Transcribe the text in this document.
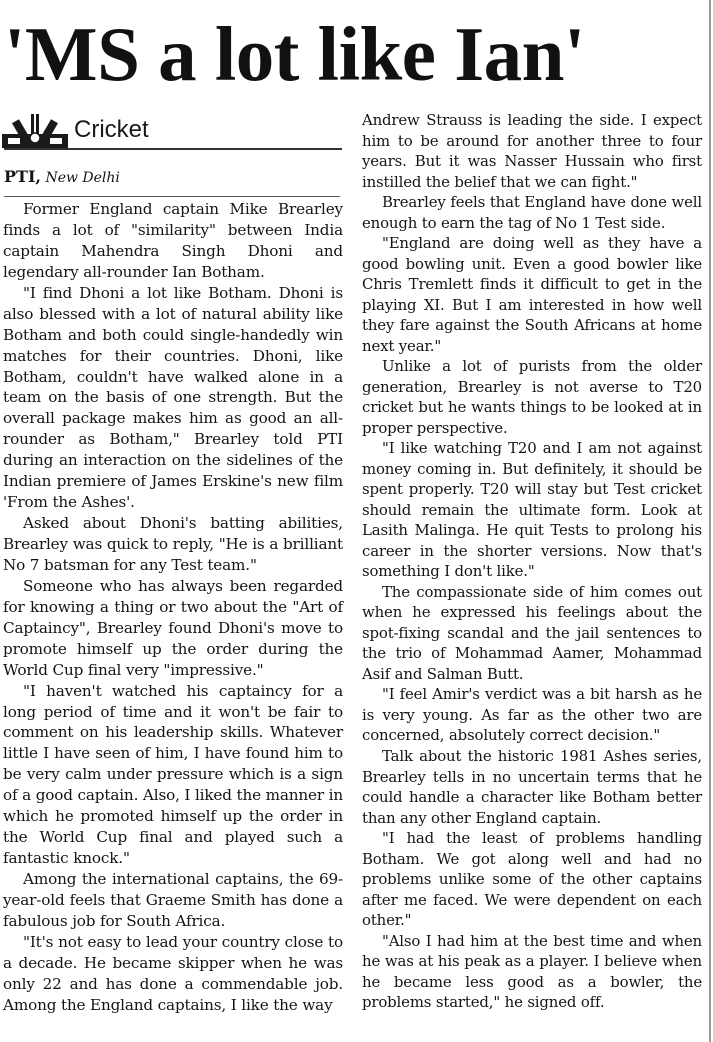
'MS a lot like Ian'
Cricket
PTI, New Delhi

Former England captain Mike Brearley finds a lot of "similarity" between India captain Mahendra Singh Dhoni and legendary all-rounder Ian Botham.

"I find Dhoni a lot like Botham. Dhoni is also blessed with a lot of natural ability like Botham and both could single-handedly win matches for their countries. Dhoni, like Botham, couldn't have walked alone in a team on the basis of one strength. But the overall package makes him as good an all-rounder as Botham," Brearley told PTI during an interaction on the sidelines of the Indian premiere of James Erskine's new film 'From the Ashes'.

Asked about Dhoni's batting abilities, Brearley was quick to reply, "He is a brilliant No 7 batsman for any Test team."

Someone who has always been regarded for knowing a thing or two about the "Art of Captaincy", Brearley found Dhoni's move to promote himself up the order during the World Cup final very "impressive."

"I haven't watched his captaincy for a long period of time and it won't be fair to comment on his leadership skills. Whatever little I have seen of him, I have found him to be very calm under pressure which is a sign of a good captain. Also, I liked the manner in which he promoted himself up the order in the World Cup final and played such a fantastic knock."

Among the international captains, the 69-year-old feels that Graeme Smith has done a fabulous job for South Africa.

"It's not easy to lead your country close to a decade. He became skipper when he was only 22 and has done a commendable job. Among the England captains, I like the way

Andrew Strauss is leading the side. I expect him to be around for another three to four years. But it was Nasser Hussain who first instilled the belief that we can fight."

Brearley feels that England have done well enough to earn the tag of No 1 Test side.

"England are doing well as they have a good bowling unit. Even a good bowler like Chris Tremlett finds it difficult to get in the playing XI. But I am interested in how well they fare against the South Africans at home next year."

Unlike a lot of purists from the older generation, Brearley is not averse to T20 cricket but he wants things to be looked at in proper perspective.

"I like watching T20 and I am not against money coming in. But definitely, it should be spent properly. T20 will stay but Test cricket should remain the ultimate form. Look at Lasith Malinga. He quit Tests to prolong his career in the shorter versions. Now that's something I don't like."

The compassionate side of him comes out when he expressed his feelings about the spot-fixing scandal and the jail sentences to the trio of Mohammad Aamer, Mohammad Asif and Salman Butt.

"I feel Amir's verdict was a bit harsh as he is very young. As far as the other two are concerned, absolutely correct decision."

Talk about the historic 1981 Ashes series, Brearley tells in no uncertain terms that he could handle a character like Botham better than any other England captain.

"I had the least of problems handling Botham. We got along well and had no problems unlike some of the other captains after me faced. We were dependent on each other."

"Also I had him at the best time and when he was at his peak as a player. I believe when he became less good as a bowler, the problems started," he signed off.
